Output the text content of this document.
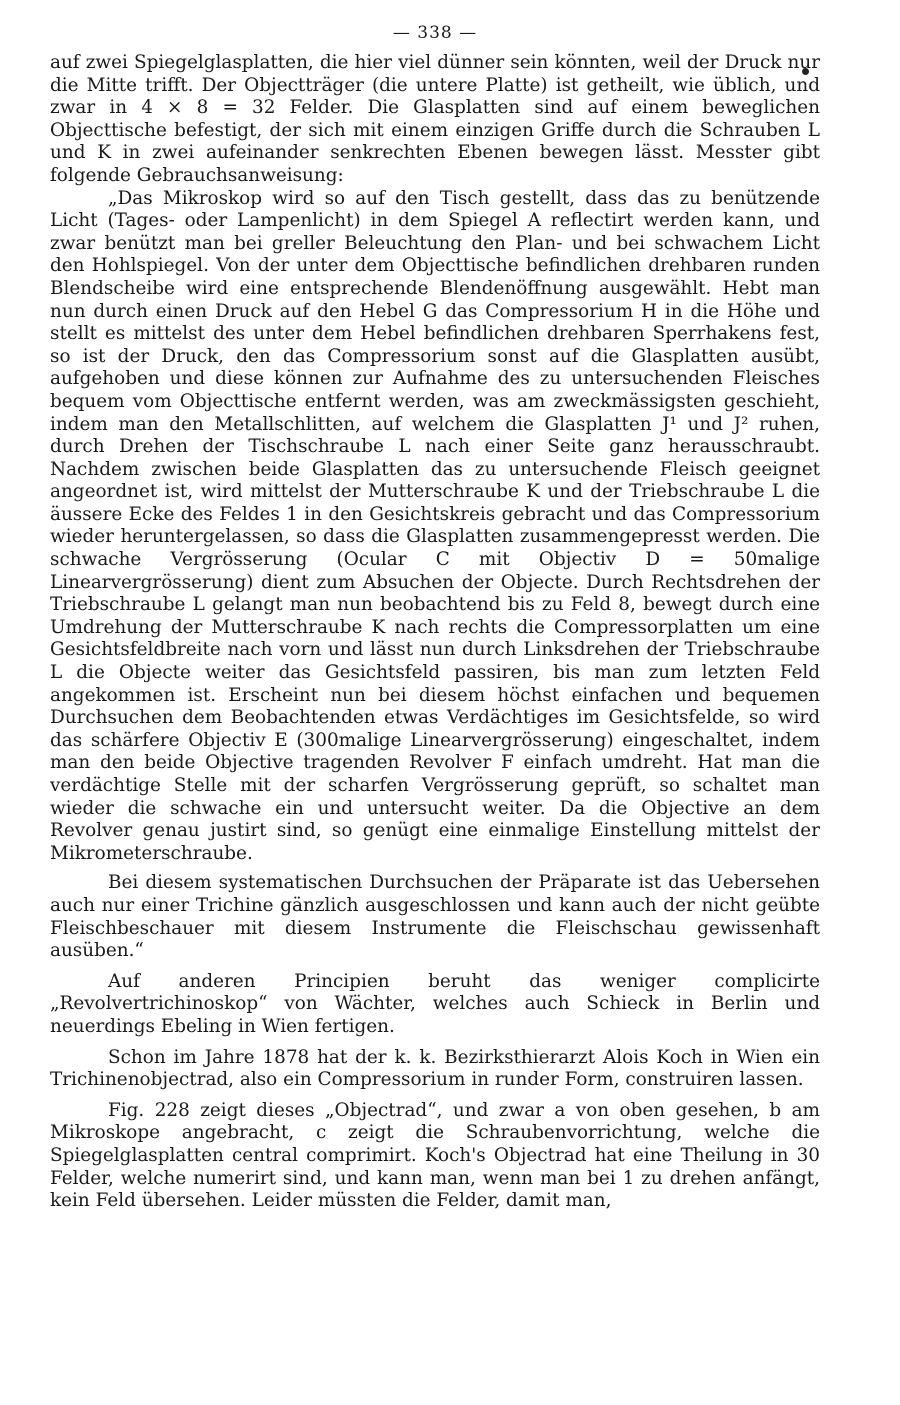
— 338 —

auf zwei Spiegelglasplatten, die hier viel dünner sein könnten, weil der Druck nur die Mitte trifft. Der Objectträger (die untere Platte) ist getheilt, wie üblich, und zwar in 4 × 8 = 32 Felder. Die Glasplatten sind auf einem beweglichen Objecttische befestigt, der sich mit einem einzigen Griffe durch die Schrauben L und K in zwei aufeinander senkrechten Ebenen bewegen lässt. Messter gibt folgende Gebrauchsanweisung:

„Das Mikroskop wird so auf den Tisch gestellt, dass das zu benützende Licht (Tages- oder Lampenlicht) in dem Spiegel A reflectirt werden kann, und zwar benützt man bei greller Beleuchtung den Plan- und bei schwachem Licht den Hohlspiegel. Von der unter dem Objecttische befindlichen drehbaren runden Blendscheibe wird eine entsprechende Blendenöffnung ausgewählt. Hebt man nun durch einen Druck auf den Hebel G das Compressorium H in die Höhe und stellt es mittelst des unter dem Hebel befindlichen drehbaren Sperrhakens fest, so ist der Druck, den das Compressorium sonst auf die Glasplatten ausübt, aufgehoben und diese können zur Aufnahme des zu untersuchenden Fleisches bequem vom Objecttische entfernt werden, was am zweckmässigsten geschieht, indem man den Metallschlitten, auf welchem die Glasplatten J¹ und J² ruhen, durch Drehen der Tischschraube L nach einer Seite ganz herausschraubt. Nachdem zwischen beide Glasplatten das zu untersuchende Fleisch geeignet angeordnet ist, wird mittelst der Mutterschraube K und der Triebschraube L die äussere Ecke des Feldes 1 in den Gesichtskreis gebracht und das Compressorium wieder heruntergelassen, so dass die Glasplatten zusammengepresst werden. Die schwache Vergrösserung (Ocular C mit Objectiv D = 50malige Linearvergrösserung) dient zum Absuchen der Objecte. Durch Rechtsdrehen der Triebschraube L gelangt man nun beobachtend bis zu Feld 8, bewegt durch eine Umdrehung der Mutterschraube K nach rechts die Compressorplatten um eine Gesichtsfeldbreite nach vorn und lässt nun durch Linksdrehen der Triebschraube L die Objecte weiter das Gesichtsfeld passiren, bis man zum letzten Feld angekommen ist. Erscheint nun bei diesem höchst einfachen und bequemen Durchsuchen dem Beobachtenden etwas Verdächtiges im Gesichtsfelde, so wird das schärfere Objectiv E (300malige Linearvergrösserung) eingeschaltet, indem man den beide Objective tragenden Revolver F einfach umdreht. Hat man die verdächtige Stelle mit der scharfen Vergrösserung geprüft, so schaltet man wieder die schwache ein und untersucht weiter. Da die Objective an dem Revolver genau justirt sind, so genügt eine einmalige Einstellung mittelst der Mikrometerschraube.

Bei diesem systematischen Durchsuchen der Präparate ist das Uebersehen auch nur einer Trichine gänzlich ausgeschlossen und kann auch der nicht geübte Fleischbeschauer mit diesem Instrumente die Fleischschau gewissenhaft ausüben.“

Auf anderen Principien beruht das weniger complicirte „Revolvertrichinoskop“ von Wächter, welches auch Schieck in Berlin und neuerdings Ebeling in Wien fertigen.

Schon im Jahre 1878 hat der k. k. Bezirksthierarzt Alois Koch in Wien ein Trichinenobjectrad, also ein Compressorium in runder Form, construiren lassen.

Fig. 228 zeigt dieses „Objectrad“, und zwar a von oben gesehen, b am Mikroskope angebracht, c zeigt die Schraubenvorrichtung, welche die Spiegelglasplatten central comprimirt. Koch's Objectrad hat eine Theilung in 30 Felder, welche numerirt sind, und kann man, wenn man bei 1 zu drehen anfängt, kein Feld übersehen. Leider müssten die Felder, damit man,
